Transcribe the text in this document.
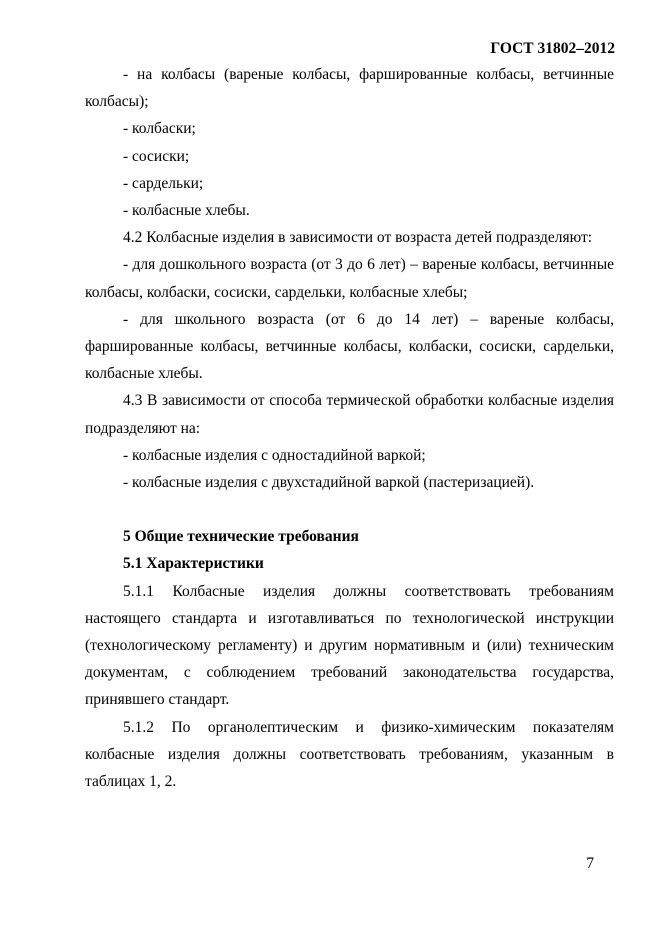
ГОСТ 31802–2012

- на колбасы (вареные колбасы, фаршированные колбасы, ветчинные колбасы);

- колбаски;

- сосиски;

- сардельки;

- колбасные хлебы.

4.2 Колбасные изделия в зависимости от возраста детей подразделяют:

- для дошкольного возраста (от 3 до 6 лет) – вареные колбасы, ветчинные колбасы, колбаски, сосиски, сардельки, колбасные хлебы;

- для школьного возраста (от 6 до 14 лет) – вареные колбасы, фаршированные колбасы, ветчинные колбасы, колбаски, сосиски, сардельки, колбасные хлебы.

4.3 В зависимости от способа термической обработки колбасные изделия подразделяют на:

- колбасные изделия с одностадийной варкой;

- колбасные изделия с двухстадийной варкой (пастеризацией).

5 Общие технические требования

5.1 Характеристики

5.1.1 Колбасные изделия должны соответствовать требованиям настоящего стандарта и изготавливаться по технологической инструкции (технологическому регламенту) и другим нормативным и (или) техническим документам, с соблюдением требований законодательства государства, принявшего стандарт.

5.1.2 По органолептическим и физико-химическим показателям колбасные изделия должны соответствовать требованиям, указанным в таблицах 1, 2.

7
